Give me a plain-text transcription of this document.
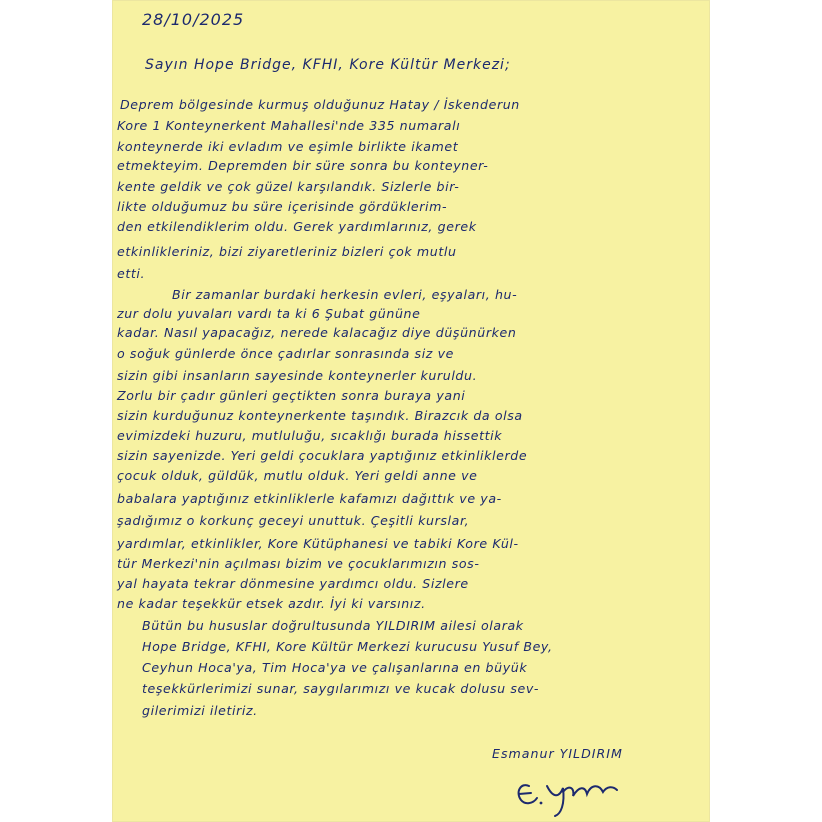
28/10/2025
Sayın Hope Bridge, KFHI, Kore Kültür Merkezi;
Deprem bölgesinde kurmuş olduğunuz Hatay / İskenderun
Kore 1 Konteynerkent Mahallesi'nde 335 numaralı
konteynerde iki evladım ve eşimle birlikte ikamet
etmekteyim. Depremden bir süre sonra bu konteyner-
kente geldik ve çok güzel karşılandık. Sizlerle bir-
likte olduğumuz bu süre içerisinde gördüklerim-
den etkilendiklerim oldu. Gerek yardımlarınız, gerek
etkinlikleriniz, bizi ziyaretleriniz bizleri çok mutlu
etti.
Bir zamanlar burdaki herkesin evleri, eşyaları, hu-
zur dolu yuvaları vardı ta ki 6 Şubat gününe
kadar. Nasıl yapacağız, nerede kalacağız diye düşünürken
o soğuk günlerde önce çadırlar sonrasında siz ve
sizin gibi insanların sayesinde konteynerler kuruldu.
Zorlu bir çadır günleri geçtikten sonra buraya yani
sizin kurduğunuz konteynerkente taşındık. Birazcık da olsa
evimizdeki huzuru, mutluluğu, sıcaklığı burada hissettik
sizin sayenizde. Yeri geldi çocuklara yaptığınız etkinliklerde
çocuk olduk, güldük, mutlu olduk. Yeri geldi anne ve
babalara yaptığınız etkinliklerle kafamızı dağıttık ve ya-
şadığımız o korkunç geceyi unuttuk. Çeşitli kurslar,
yardımlar, etkinlikler, Kore Kütüphanesi ve tabiki Kore Kül-
tür Merkezi'nin açılması bizim ve çocuklarımızın sos-
yal hayata tekrar dönmesine yardımcı oldu. Sizlere
ne kadar teşekkür etsek azdır. İyi ki varsınız.
Bütün bu hususlar doğrultusunda YILDIRIM ailesi olarak
Hope Bridge, KFHI, Kore Kültür Merkezi kurucusu Yusuf Bey,
Ceyhun Hoca'ya, Tim Hoca'ya ve çalışanlarına en büyük
teşekkürlerimizi sunar, saygılarımızı ve kucak dolusu sev-
gilerimizi iletiriz.
Esmanur YILDIRIM
